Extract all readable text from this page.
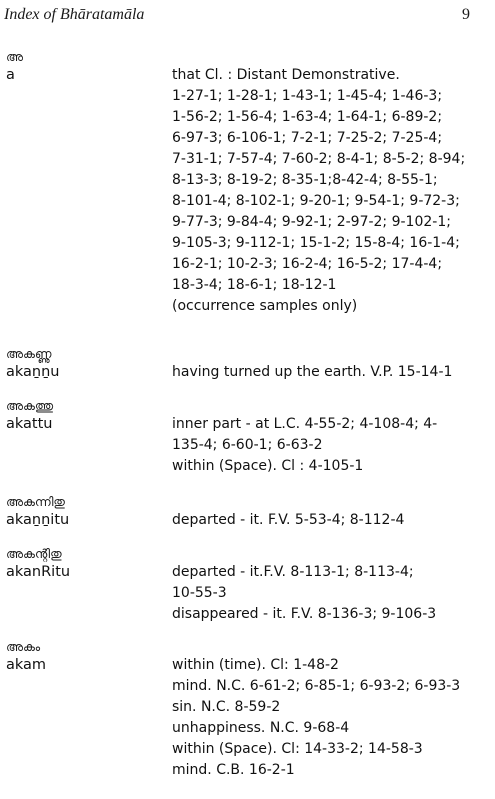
Index of Bhāratamāla	9
അ
a	that Cl. : Distant Demonstrative.
1-27-1; 1-28-1; 1-43-1; 1-45-4; 1-46-3;
1-56-2; 1-56-4; 1-63-4; 1-64-1; 6-89-2;
6-97-3; 6-106-1; 7-2-1; 7-25-2; 7-25-4;
7-31-1; 7-57-4; 7-60-2; 8-4-1; 8-5-2; 8-94;
8-13-3; 8-19-2; 8-35-1;8-42-4; 8-55-1;
8-101-4; 8-102-1; 9-20-1; 9-54-1; 9-72-3;
9-77-3; 9-84-4; 9-92-1; 2-97-2; 9-102-1;
9-105-3; 9-112-1; 15-1-2; 15-8-4; 16-1-4;
16-2-1; 10-2-3; 16-2-4; 16-5-2; 17-4-4;
18-3-4; 18-6-1; 18-12-1
(occurrence samples only)
അകണ്ണു
akaṉṉu	having turned up the earth. V.P. 15-14-1
അകത്തു
akattu	inner part - at L.C. 4-55-2; 4-108-4; 4-
135-4; 6-60-1; 6-63-2
within (Space). Cl : 4-105-1
അകന്നിതു
akaṉṉitu	departed - it. F.V. 5-53-4; 8-112-4
അകന്റിതു
akanRitu	departed - it.F.V. 8-113-1; 8-113-4;
10-55-3
disappeared - it. F.V. 8-136-3; 9-106-3
അകം
akam	within (time). Cl: 1-48-2
mind. N.C. 6-61-2; 6-85-1; 6-93-2; 6-93-3
sin. N.C. 8-59-2
unhappiness. N.C. 9-68-4
within (Space). Cl: 14-33-2; 14-58-3
mind. C.B. 16-2-1
